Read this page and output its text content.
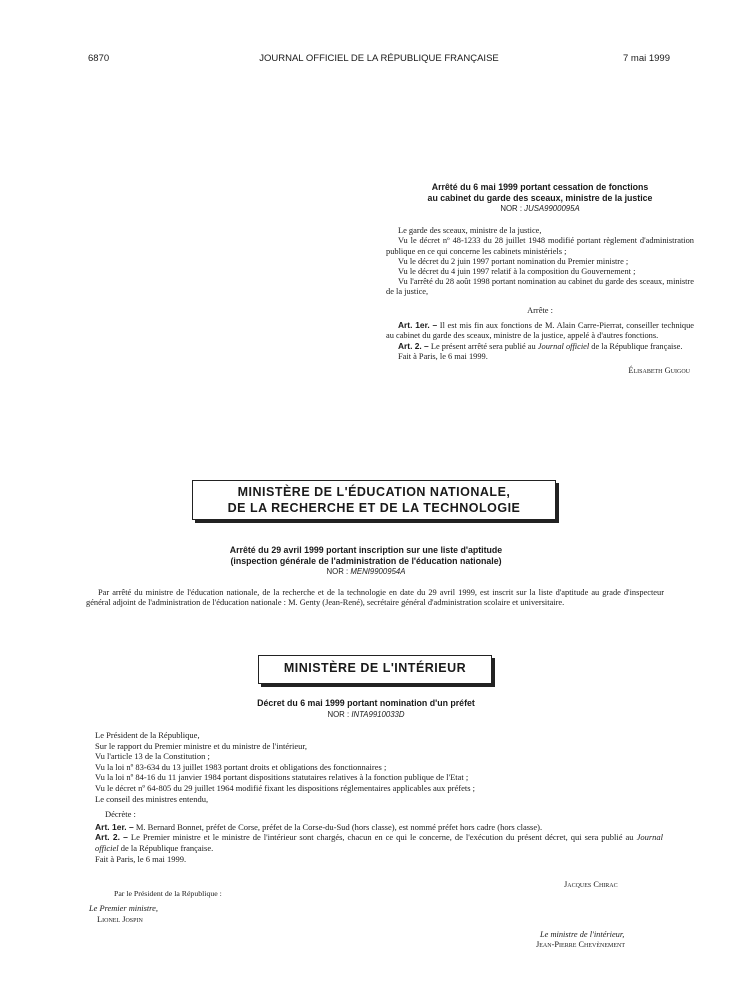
6870	JOURNAL OFFICIEL DE LA RÉPUBLIQUE FRANÇAISE	7 mai 1999
Arrêté du 6 mai 1999 portant cessation de fonctions
au cabinet du garde des sceaux, ministre de la justice
NOR : JUSA9900095A

Le garde des sceaux, ministre de la justice,

Vu le décret nº 48-1233 du 28 juillet 1948 modifié portant règlement d'administration publique en ce qui concerne les cabinets ministériels ;

Vu le décret du 2 juin 1997 portant nomination du Premier ministre ;

Vu le décret du 4 juin 1997 relatif à la composition du Gouvernement ;

Vu l'arrêté du 28 août 1998 portant nomination au cabinet du garde des sceaux, ministre de la justice,

Arrête :

Art. 1er. – Il est mis fin aux fonctions de M. Alain Carre-Pierrat, conseiller technique au cabinet du garde des sceaux, ministre de la justice, appelé à d'autres fonctions.

Art. 2. – Le présent arrêté sera publié au Journal officiel de la République française.

Fait à Paris, le 6 mai 1999.

Élisabeth Guigou

MINISTÈRE DE L'ÉDUCATION NATIONALE,
DE LA RECHERCHE ET DE LA TECHNOLOGIE
Arrêté du 29 avril 1999 portant inscription sur une liste d'aptitude
(inspection générale de l'administration de l'éducation nationale)
NOR : MENI9900954A

Par arrêté du ministre de l'éducation nationale, de la recherche et de la technologie en date du 29 avril 1999, est inscrit sur la liste d'aptitude au grade d'inspecteur général adjoint de l'administration de l'éducation nationale : M. Genty (Jean-René), secrétaire général d'administration scolaire et universitaire.

MINISTÈRE DE L'INTÉRIEUR
Décret du 6 mai 1999 portant nomination d'un préfet
NOR : INTA9910033D

Le Président de la République,

Sur le rapport du Premier ministre et du ministre de l'intérieur,

Vu l'article 13 de la Constitution ;

Vu la loi nº 83-634 du 13 juillet 1983 portant droits et obligations des fonctionnaires ;

Vu la loi nº 84-16 du 11 janvier 1984 portant dispositions statutaires relatives à la fonction publique de l'Etat ;

Vu le décret nº 64-805 du 29 juillet 1964 modifié fixant les dispositions réglementaires applicables aux préfets ;

Le conseil des ministres entendu,

Décrète :

Art. 1er. – M. Bernard Bonnet, préfet de Corse, préfet de la Corse-du-Sud (hors classe), est nommé préfet hors cadre (hors classe).

Art. 2. – Le Premier ministre et le ministre de l'intérieur sont chargés, chacun en ce qui le concerne, de l'exécution du présent décret, qui sera publié au Journal officiel de la République française.

Fait à Paris, le 6 mai 1999.

Jacques Chirac
Par le Président de la République :
Le Premier ministre,
Lionel Jospin
Le ministre de l'intérieur,
Jean-Pierre Chevènement
